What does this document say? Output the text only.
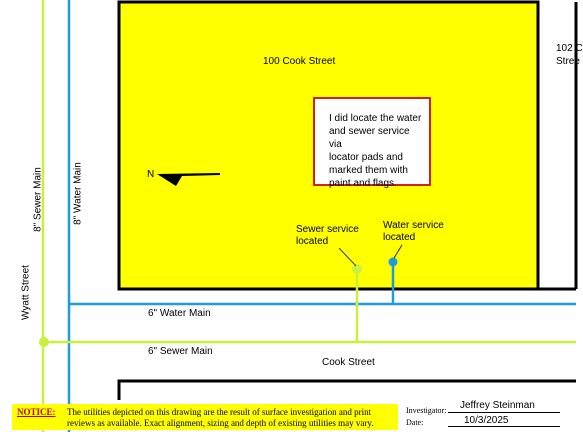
100 Cook Street
102 C
Stree
I did locate the water
and sewer service via
locator pads and
marked them with
paint and flags.
N
Sewer service
located
Water service
located
8" Sewer Main	8" Water Main
Wyatt Street	6" Water Main
6" Sewer Main
Cook Street
NOTICE: The utilities depicted on this drawing are the result of surface investigation and print
reviews as available. Exact alignment, sizing and depth of existing utilities may vary.
Investigator: Jeffrey Steinman
Date:	10/3/2025
